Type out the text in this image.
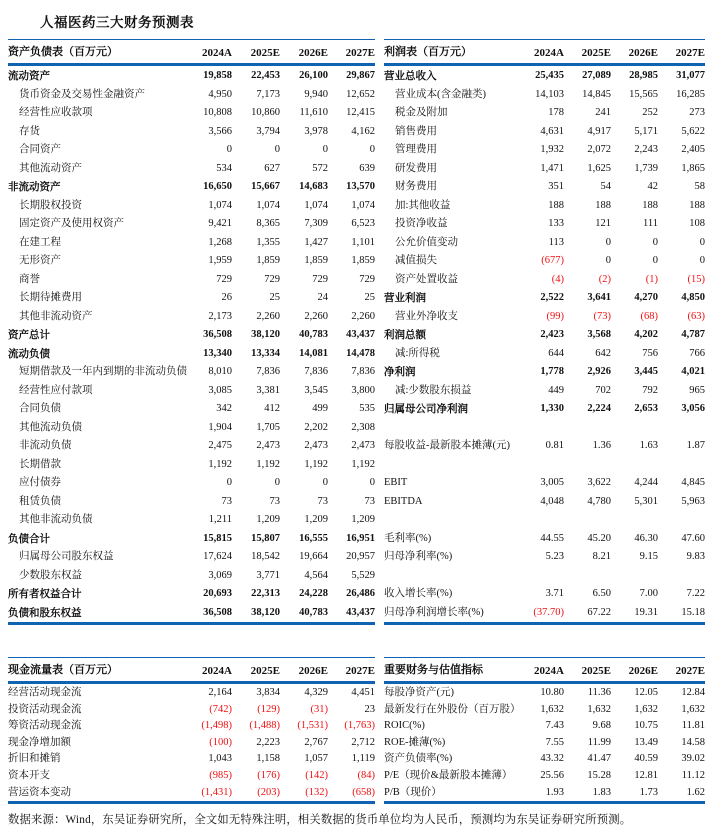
人福医药三大财务预测表
资产负债表（百万元）	2024A	2025E	2026E	2027E
流动资产	19,858	22,453	26,100	29,867
货币资金及交易性金融资产	4,950	7,173	9,940	12,652
经营性应收款项	10,808	10,860	11,610	12,415
存货	3,566	3,794	3,978	4,162
合同资产	0	0	0	0
其他流动资产	534	627	572	639
非流动资产	16,650	15,667	14,683	13,570
长期股权投资	1,074	1,074	1,074	1,074
固定资产及使用权资产	9,421	8,365	7,309	6,523
在建工程	1,268	1,355	1,427	1,101
无形资产	1,959	1,859	1,859	1,859
商誉	729	729	729	729
长期待摊费用	26	25	24	25
其他非流动资产	2,173	2,260	2,260	2,260
资产总计	36,508	38,120	40,783	43,437
流动负债	13,340	13,334	14,081	14,478
短期借款及一年内到期的非流动负债	8,010	7,836	7,836	7,836
经营性应付款项	3,085	3,381	3,545	3,800
合同负债	342	412	499	535
其他流动负债	1,904	1,705	2,202	2,308
非流动负债	2,475	2,473	2,473	2,473
长期借款	1,192	1,192	1,192	1,192
应付债券	0	0	0	0
租赁负债	73	73	73	73
其他非流动负债	1,211	1,209	1,209	1,209
负债合计	15,815	15,807	16,555	16,951
归属母公司股东权益	17,624	18,542	19,664	20,957
少数股东权益	3,069	3,771	4,564	5,529
所有者权益合计	20,693	22,313	24,228	26,486
负债和股东权益	36,508	38,120	40,783	43,437
利润表（百万元）	2024A	2025E	2026E	2027E
营业总收入	25,435	27,089	28,985	31,077
营业成本(含金融类)	14,103	14,845	15,565	16,285
税金及附加	178	241	252	273
销售费用	4,631	4,917	5,171	5,622
管理费用	1,932	2,072	2,243	2,405
研发费用	1,471	1,625	1,739	1,865
财务费用	351	54	42	58
加:其他收益	188	188	188	188
投资净收益	133	121	111	108
公允价值变动	113	0	0	0
减值损失	(677)	0	0	0
资产处置收益	(4)	(2)	(1)	(15)
营业利润	2,522	3,641	4,270	4,850
营业外净收支	(99)	(73)	(68)	(63)
利润总额	2,423	3,568	4,202	4,787
减:所得税	644	642	756	766
净利润	1,778	2,926	3,445	4,021
减:少数股东损益	449	702	792	965
归属母公司净利润	1,330	2,224	2,653	3,056
每股收益-最新股本摊薄(元)	0.81	1.36	1.63	1.87
EBIT	3,005	3,622	4,244	4,845
EBITDA	4,048	4,780	5,301	5,963
毛利率(%)	44.55	45.20	46.30	47.60
归母净利率(%)	5.23	8.21	9.15	9.83
收入增长率(%)	3.71	6.50	7.00	7.22
归母净利润增长率(%)	(37.70)	67.22	19.31	15.18
现金流量表（百万元）	2024A	2025E	2026E	2027E
经营活动现金流	2,164	3,834	4,329	4,451
投资活动现金流	(742)	(129)	(31)	23
筹资活动现金流	(1,498)	(1,488)	(1,531)	(1,763)
现金净增加额	(100)	2,223	2,767	2,712
折旧和摊销	1,043	1,158	1,057	1,119
资本开支	(985)	(176)	(142)	(84)
营运资本变动	(1,431)	(203)	(132)	(658)
重要财务与估值指标	2024A	2025E	2026E	2027E
每股净资产(元)	10.80	11.36	12.05	12.84
最新发行在外股份（百万股）	1,632	1,632	1,632	1,632
ROIC(%)	7.43	9.68	10.75	11.81
ROE-摊薄(%)	7.55	11.99	13.49	14.58
资产负债率(%)	43.32	41.47	40.59	39.02
P/E（现价&最新股本摊薄）	25.56	15.28	12.81	11.12
P/B（现价）	1.93	1.83	1.73	1.62
数据来源：Wind，东吴证券研究所，全文如无特殊注明，相关数据的货币单位均为人民币，预测均为东吴证券研究所预测。
